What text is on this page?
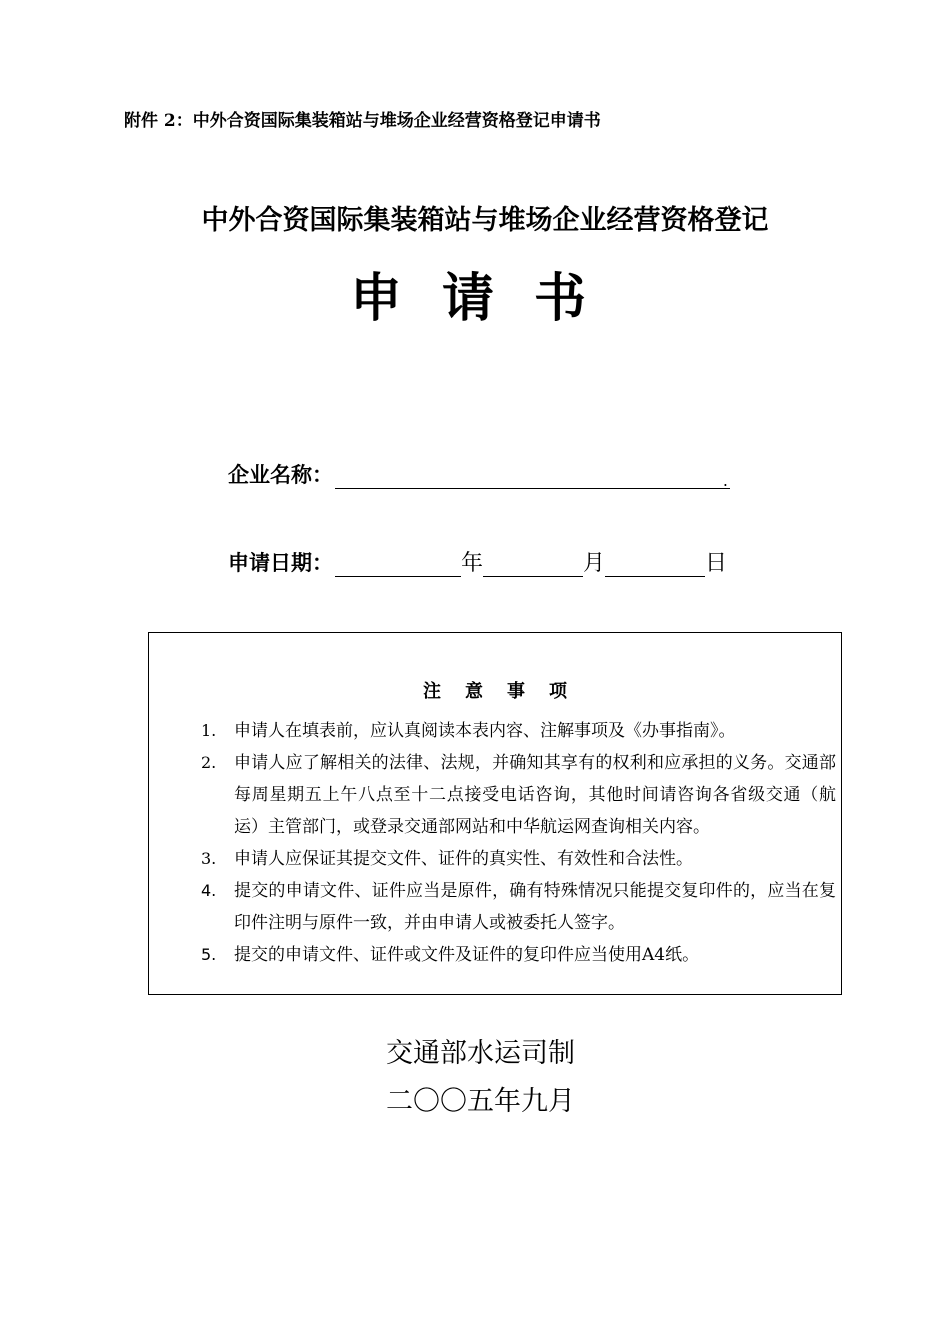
附件 2：中外合资国际集装箱站与堆场企业经营资格登记申请书
中外合资国际集装箱站与堆场企业经营资格登记
申请书
企业名称：	.
申请日期：	年	月	日
注意事项
1.	申请人在填表前，应认真阅读本表内容、注解事项及《办事指南》。
2.	申请人应了解相关的法律、法规，并确知其享有的权利和应承担的义务。交通部每周星期五上午八点至十二点接受电话咨询，其他时间请咨询各省级交通（航运）主管部门，或登录交通部网站和中华航运网查询相关内容。
3.	申请人应保证其提交文件、证件的真实性、有效性和合法性。
4.	提交的申请文件、证件应当是原件，确有特殊情况只能提交复印件的，应当在复印件注明与原件一致，并由申请人或被委托人签字。
5.	提交的申请文件、证件或文件及证件的复印件应当使用A4纸。
交通部水运司制
二〇〇五年九月
